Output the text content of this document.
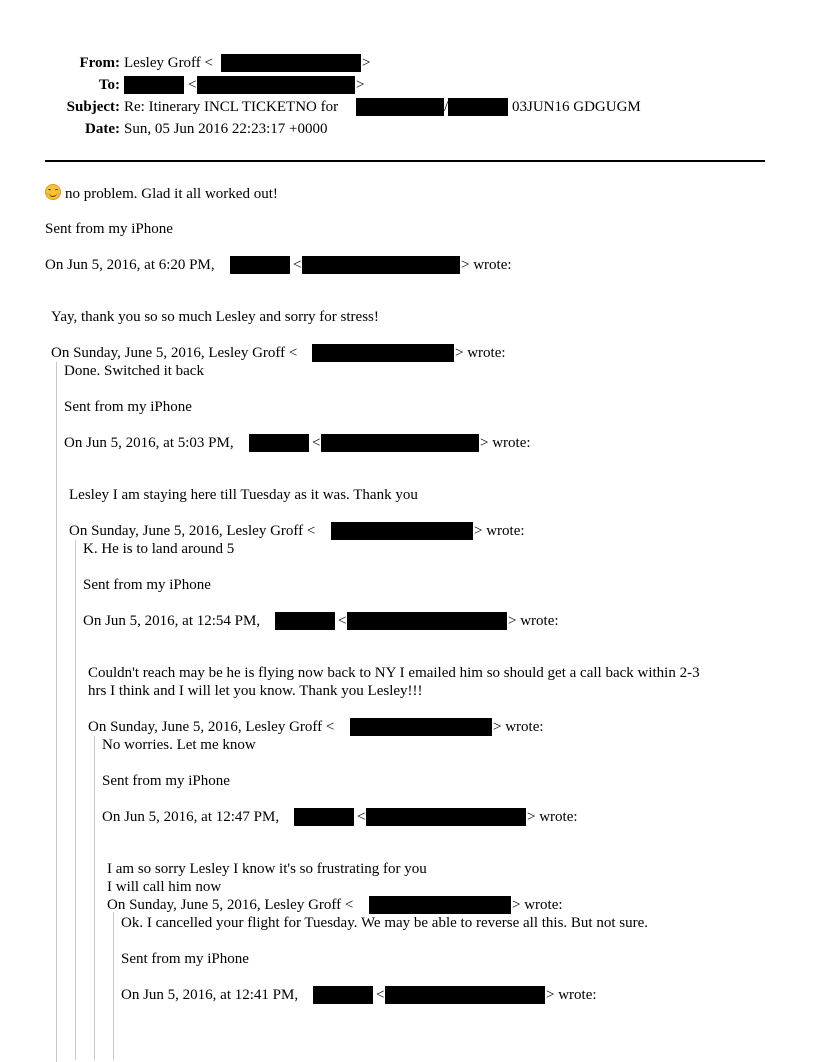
From: Lesley Groff <	>
To:	<	>
Subject: Re: Itinerary INCL TICKETNO for	/	03JUN16 GDGUGM
Date: Sun, 05 Jun 2016 22:23:17 +0000
no problem. Glad it all worked out!
Sent from my iPhone
On Jun 5, 2016, at 6:20 PM,	<	> wrote:
Yay, thank you so so much Lesley and sorry for stress!
On Sunday, June 5, 2016, Lesley Groff <	> wrote:
Done. Switched it back
Sent from my iPhone
On Jun 5, 2016, at 5:03 PM,	<	> wrote:
Lesley I am staying here till Tuesday as it was. Thank you
On Sunday, June 5, 2016, Lesley Groff <	> wrote:
K. He is to land around 5
Sent from my iPhone
On Jun 5, 2016, at 12:54 PM,	<	> wrote:
Couldn't reach may be he is flying now back to NY I emailed him so should get a call back within 2-3
hrs I think and I will let you know. Thank you Lesley!!!
On Sunday, June 5, 2016, Lesley Groff <	> wrote:
No worries. Let me know
Sent from my iPhone
On Jun 5, 2016, at 12:47 PM,	<	> wrote:
I am so sorry Lesley I know it's so frustrating for you
I will call him now
On Sunday, June 5, 2016, Lesley Groff <	> wrote:
Ok. I cancelled your flight for Tuesday. We may be able to reverse all this. But not sure.
Sent from my iPhone
On Jun 5, 2016, at 12:41 PM,	<	> wrote:
